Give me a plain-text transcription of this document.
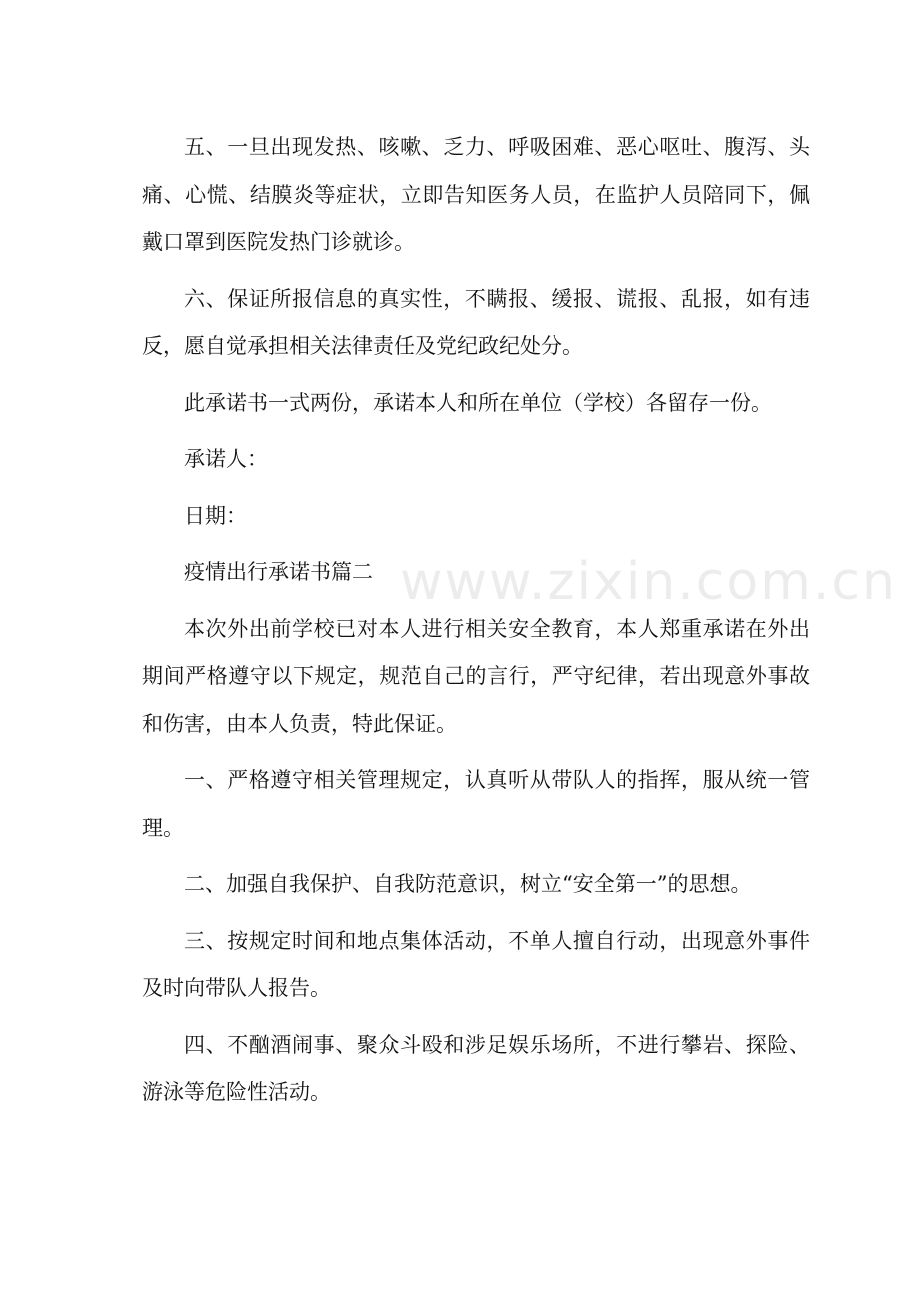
www.zixin.com.cn

五、一旦出现发热、咳嗽、乏力、呼吸困难、恶心呕吐、腹泻、头痛、心慌、结膜炎等症状，立即告知医务人员，在监护人员陪同下，佩戴口罩到医院发热门诊就诊。

六、保证所报信息的真实性，不瞒报、缓报、谎报、乱报，如有违反，愿自觉承担相关法律责任及党纪政纪处分。

此承诺书一式两份，承诺本人和所在单位（学校）各留存一份。

承诺人：

日期：

疫情出行承诺书篇二

本次外出前学校已对本人进行相关安全教育，本人郑重承诺在外出期间严格遵守以下规定，规范自己的言行，严守纪律，若出现意外事故和伤害，由本人负责，特此保证。

一、严格遵守相关管理规定，认真听从带队人的指挥，服从统一管理。

二、加强自我保护、自我防范意识，树立“安全第一”的思想。

三、按规定时间和地点集体活动，不单人擅自行动，出现意外事件及时向带队人报告。

四、不酗酒闹事、聚众斗殴和涉足娱乐场所，不进行攀岩、探险、游泳等危险性活动。
